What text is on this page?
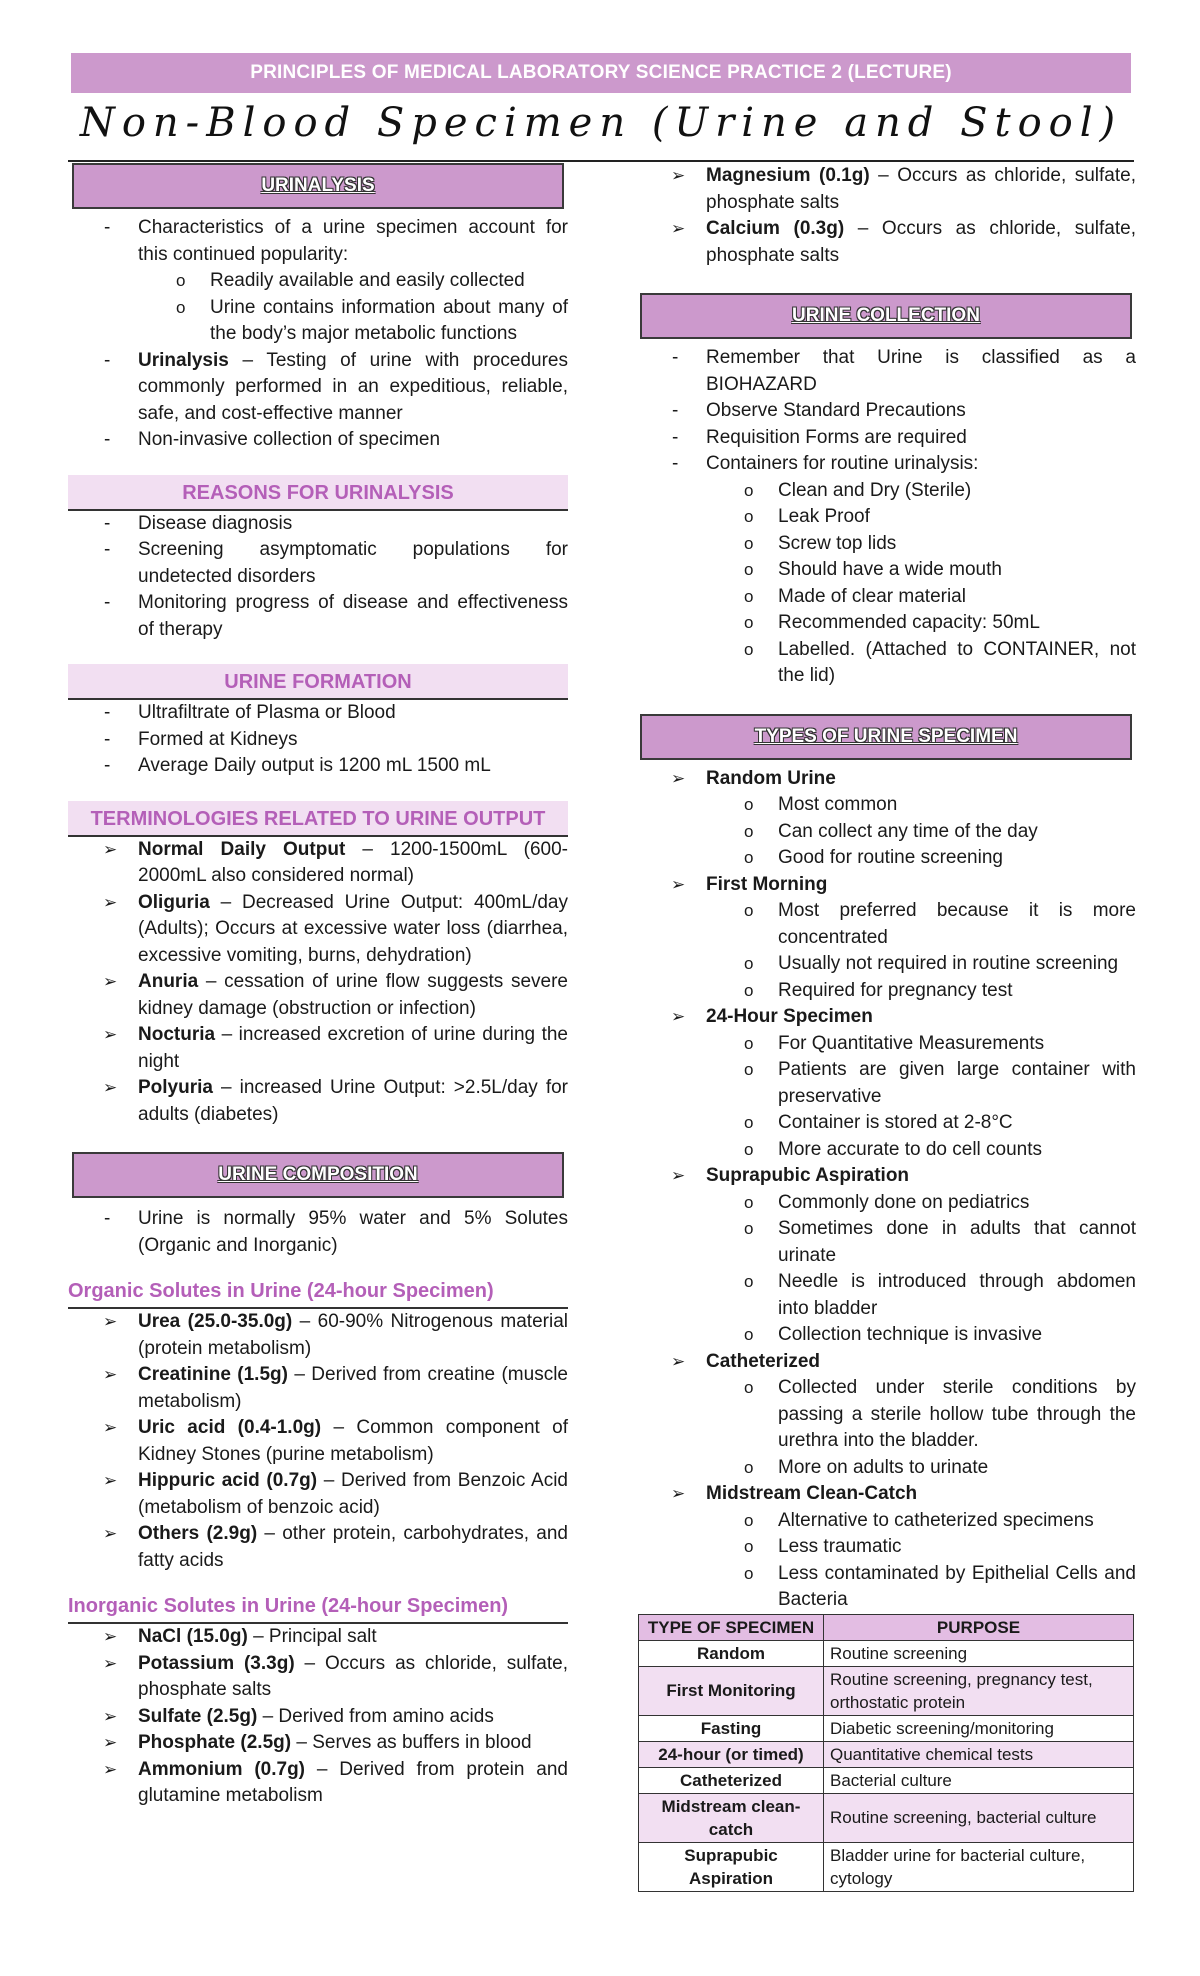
PRINCIPLES OF MEDICAL LABORATORY SCIENCE PRACTICE 2 (LECTURE)
Non-Blood Specimen (Urine and Stool)
URINALYSIS
- Characteristics of a urine specimen account for this continued popularity:
o Readily available and easily collected
o Urine contains information about many of the body’s major metabolic functions
- Urinalysis – Testing of urine with procedures commonly performed in an expeditious, reliable, safe, and cost-effective manner
- Non-invasive collection of specimen
REASONS FOR URINALYSIS
- Disease diagnosis
- Screening asymptomatic populations for undetected disorders
- Monitoring progress of disease and effectiveness of therapy
URINE FORMATION
- Ultrafiltrate of Plasma or Blood
- Formed at Kidneys
- Average Daily output is 1200 mL 1500 mL
TERMINOLOGIES RELATED TO URINE OUTPUT
➢ Normal Daily Output – 1200-1500mL (600-2000mL also considered normal)
➢ Oliguria – Decreased Urine Output: 400mL/day (Adults); Occurs at excessive water loss (diarrhea, excessive vomiting, burns, dehydration)
➢ Anuria – cessation of urine flow suggests severe kidney damage (obstruction or infection)
➢ Nocturia – increased excretion of urine during the night
➢ Polyuria – increased Urine Output: >2.5L/day for adults (diabetes)
URINE COMPOSITION
- Urine is normally 95% water and 5% Solutes (Organic and Inorganic)
Organic Solutes in Urine (24-hour Specimen)
➢ Urea (25.0-35.0g) – 60-90% Nitrogenous material (protein metabolism)
➢ Creatinine (1.5g) – Derived from creatine (muscle metabolism)
➢ Uric acid (0.4-1.0g) – Common component of Kidney Stones (purine metabolism)
➢ Hippuric acid (0.7g) – Derived from Benzoic Acid (metabolism of benzoic acid)
➢ Others (2.9g) – other protein, carbohydrates, and fatty acids
Inorganic Solutes in Urine (24-hour Specimen)
➢ NaCl (15.0g) – Principal salt
➢ Potassium (3.3g) – Occurs as chloride, sulfate, phosphate salts
➢ Sulfate (2.5g) – Derived from amino acids
➢ Phosphate (2.5g) – Serves as buffers in blood
➢ Ammonium (0.7g) – Derived from protein and glutamine metabolism
➢ Magnesium (0.1g) – Occurs as chloride, sulfate, phosphate salts
➢ Calcium (0.3g) – Occurs as chloride, sulfate, phosphate salts
URINE COLLECTION
- Remember that Urine is classified as a BIOHAZARD
- Observe Standard Precautions
- Requisition Forms are required
- Containers for routine urinalysis:
o Clean and Dry (Sterile)
o Leak Proof
o Screw top lids
o Should have a wide mouth
o Made of clear material
o Recommended capacity: 50mL
o Labelled. (Attached to CONTAINER, not the lid)
TYPES OF URINE SPECIMEN
➢ Random Urine
o Most common
o Can collect any time of the day
o Good for routine screening
➢ First Morning
o Most preferred because it is more concentrated
o Usually not required in routine screening
o Required for pregnancy test
➢ 24-Hour Specimen
o For Quantitative Measurements
o Patients are given large container with preservative
o Container is stored at 2-8°C
o More accurate to do cell counts
➢ Suprapubic Aspiration
o Commonly done on pediatrics
o Sometimes done in adults that cannot urinate
o Needle is introduced through abdomen into bladder
o Collection technique is invasive
➢ Catheterized
o Collected under sterile conditions by passing a sterile hollow tube through the urethra into the bladder.
o More on adults to urinate
➢ Midstream Clean-Catch
o Alternative to catheterized specimens
o Less traumatic
o Less contaminated by Epithelial Cells and Bacteria
TYPE OF SPECIMEN	PURPOSE
Random	Routine screening
First Monitoring	Routine screening, pregnancy test, orthostatic protein
Fasting	Diabetic screening/monitoring
24-hour (or timed)	Quantitative chemical tests
Catheterized	Bacterial culture
Midstream clean-catch	Routine screening, bacterial culture
Suprapubic Aspiration	Bladder urine for bacterial culture, cytology
